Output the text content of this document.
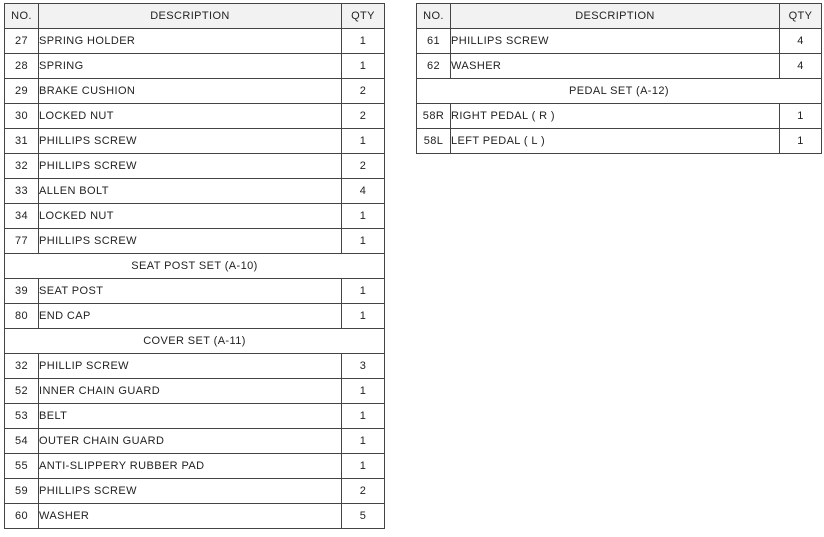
NO.	DESCRIPTION	QTY
27	SPRING HOLDER	1
28	SPRING	1
29	BRAKE CUSHION	2
30	LOCKED NUT	2
31	PHILLIPS SCREW	1
32	PHILLIPS SCREW	2
33	ALLEN BOLT	4
34	LOCKED NUT	1
77	PHILLIPS SCREW	1
SEAT POST SET (A-10)		
39	SEAT POST	1
80	END CAP	1
COVER SET (A-11)		
32	PHILLIP SCREW	3
52	INNER CHAIN GUARD	1
53	BELT	1
54	OUTER CHAIN GUARD	1
55	ANTI-SLIPPERY RUBBER PAD	1
59	PHILLIPS SCREW	2
60	WASHER	5
NO.	DESCRIPTION	QTY
61	PHILLIPS SCREW	4
62	WASHER	4
PEDAL SET (A-12)		
58R	RIGHT PEDAL ( R )	1
58L	LEFT PEDAL ( L )	1
